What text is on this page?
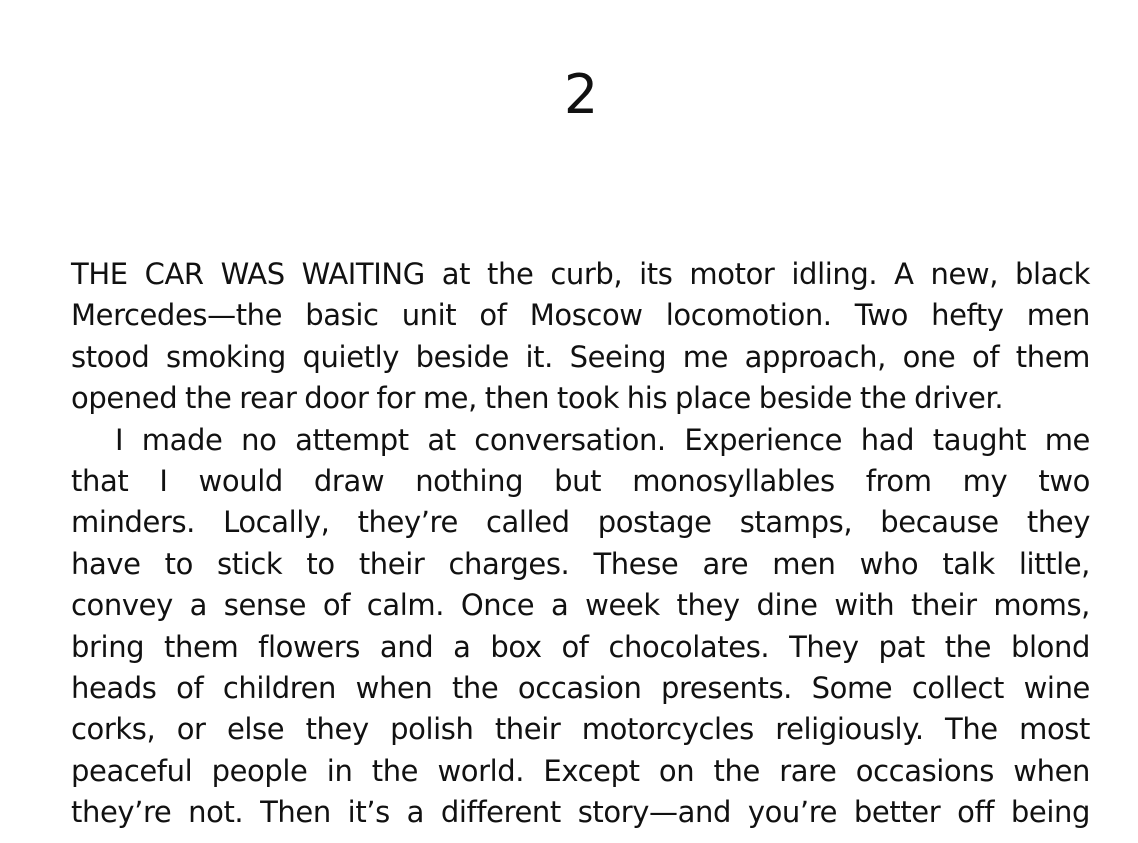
2
THE CAR WAS WAITING at the curb, its motor idling. A new, black
Mercedes—the basic unit of Moscow locomotion. Two hefty men
stood smoking quietly beside it. Seeing me approach, one of them
opened the rear door for me, then took his place beside the driver.
I made no attempt at conversation. Experience had taught me
that I would draw nothing but monosyllables from my two
minders. Locally, they’re called postage stamps, because they
have to stick to their charges. These are men who talk little,
convey a sense of calm. Once a week they dine with their moms,
bring them flowers and a box of chocolates. They pat the blond
heads of children when the occasion presents. Some collect wine
corks, or else they polish their motorcycles religiously. The most
peaceful people in the world. Except on the rare occasions when
they’re not. Then it’s a different story—and you’re better off being
